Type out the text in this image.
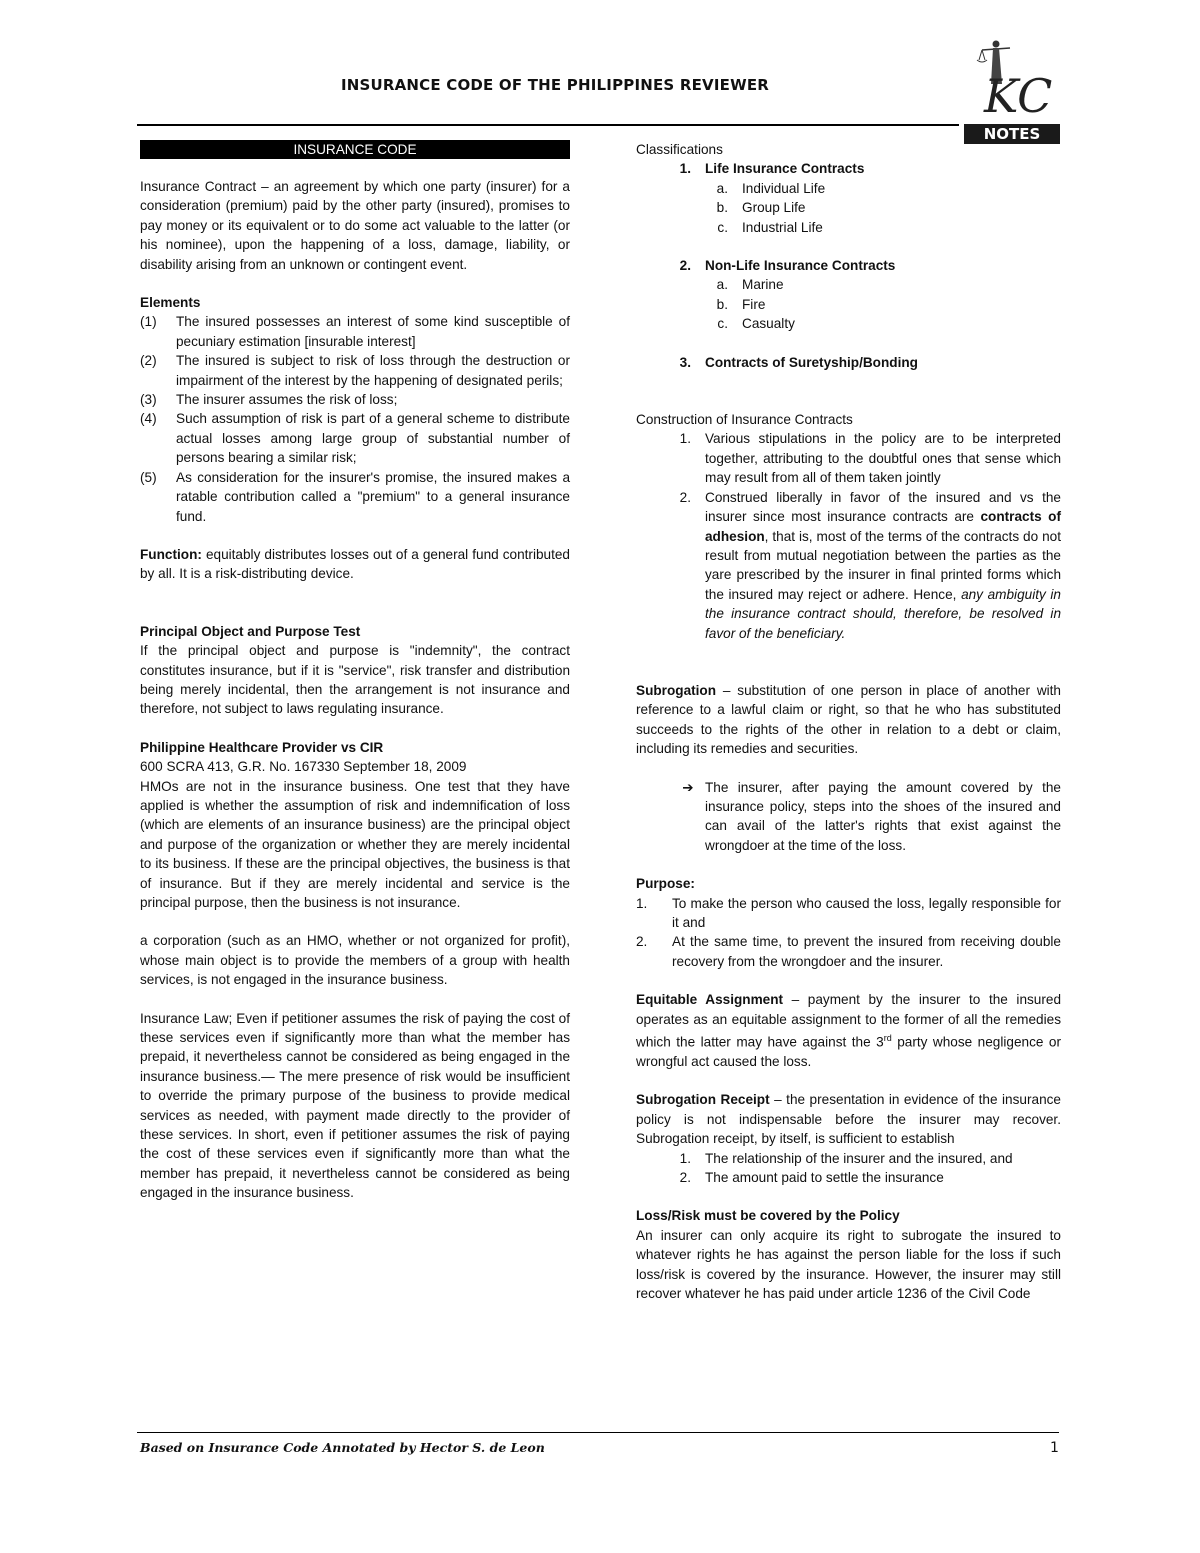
INSURANCE CODE OF THE PHILIPPINES REVIEWER	KC
NOTES
INSURANCE CODE

Insurance Contract – an agreement by which one party (insurer) for a consideration (premium) paid by the other party (insured), promises to pay money or its equivalent or to do some act valuable to the latter (or his nominee), upon the happening of a loss, damage, liability, or disability arising from an unknown or contingent event.

Elements

(1)	The insured possesses an interest of some kind susceptible of pecuniary estimation [insurable interest]
(2)	The insured is subject to risk of loss through the destruction or impairment of the interest by the happening of designated perils;
(3)	The insurer assumes the risk of loss;
(4)	Such assumption of risk is part of a general scheme to distribute actual losses among large group of substantial number of persons bearing a similar risk;
(5)	As consideration for the insurer's promise, the insured makes a ratable contribution called a "premium" to a general insurance fund.

Function: equitably distributes losses out of a general fund contributed by all. It is a risk-distributing device.

Principal Object and Purpose Test

If the principal object and purpose is "indemnity", the contract constitutes insurance, but if it is "service", risk transfer and distribution being merely incidental, then the arrangement is not insurance and therefore, not subject to laws regulating insurance.

Philippine Healthcare Provider vs CIR

600 SCRA 413, G.R. No. 167330 September 18, 2009

HMOs are not in the insurance business. One test that they have applied is whether the assumption of risk and indemnification of loss (which are elements of an insurance business) are the principal object and purpose of the organization or whether they are merely incidental to its business. If these are the principal objectives, the business is that of insurance. But if they are merely incidental and service is the principal purpose, then the business is not insurance.

a corporation (such as an HMO, whether or not organized for profit), whose main object is to provide the members of a group with health services, is not engaged in the insurance business.

Insurance Law; Even if petitioner assumes the risk of paying the cost of these services even if significantly more than what the member has prepaid, it nevertheless cannot be considered as being engaged in the insurance business.— The mere presence of risk would be insufficient to override the primary purpose of the business to provide medical services as needed, with payment made directly to the provider of these services. In short, even if petitioner assumes the risk of paying the cost of these services even if significantly more than what the member has prepaid, it nevertheless cannot be considered as being engaged in the insurance business.

Classifications

1.	Life Insurance Contracts
a.	Individual Life
b.	Group Life
c.	Industrial Life
2.	Non-Life Insurance Contracts
a.	Marine
b.	Fire
c.	Casualty
3.	Contracts of Suretyship/Bonding

Construction of Insurance Contracts

1.	Various stipulations in the policy are to be interpreted together, attributing to the doubtful ones that sense which may result from all of them taken jointly
2.	Construed liberally in favor of the insured and vs the insurer since most insurance contracts are contracts of adhesion, that is, most of the terms of the contracts do not result from mutual negotiation between the parties as the yare prescribed by the insurer in final printed forms which the insured may reject or adhere. Hence, any ambiguity in the insurance contract should, therefore, be resolved in favor of the beneficiary.

Subrogation – substitution of one person in place of another with reference to a lawful claim or right, so that he who has substituted succeeds to the rights of the other in relation to a debt or claim, including its remedies and securities.

➔ The insurer, after paying the amount covered by the insurance policy, steps into the shoes of the insured and can avail of the latter's rights that exist against the wrongdoer at the time of the loss.

Purpose:

1.	To make the person who caused the loss, legally responsible for it and
2.	At the same time, to prevent the insured from receiving double recovery from the wrongdoer and the insurer.

Equitable Assignment – payment by the insurer to the insured operates as an equitable assignment to the former of all the remedies which the latter may have against the 3rd party whose negligence or wrongful act caused the loss.

Subrogation Receipt – the presentation in evidence of the insurance policy is not indispensable before the insurer may recover. Subrogation receipt, by itself, is sufficient to establish

1.	The relationship of the insurer and the insured, and
2.	The amount paid to settle the insurance

Loss/Risk must be covered by the Policy

An insurer can only acquire its right to subrogate the insured to whatever rights he has against the person liable for the loss if such loss/risk is covered by the insurance. However, the insurer may still recover whatever he has paid under article 1236 of the Civil Code

Based on Insurance Code Annotated by Hector S. de Leon	1
